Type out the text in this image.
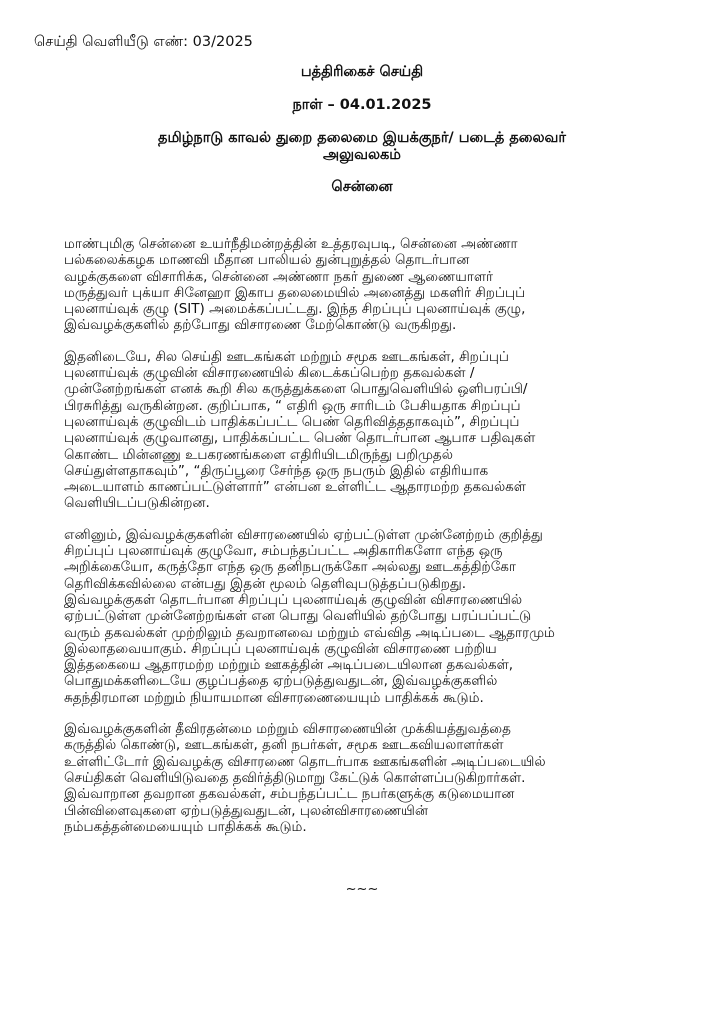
செய்தி வெளியீடு எண்: 03/2025
பத்திரிகைச் செய்தி
நாள் – 04.01.2025
தமிழ்நாடு காவல் துறை தலைமை இயக்குநர்/ படைத் தலைவர்
அலுவலகம்
சென்னை
மாண்புமிகு சென்னை உயர்நீதிமன்றத்தின் உத்தரவுபடி, சென்னை அண்ணா
பல்கலைக்கழக மாணவி மீதான பாலியல் துன்புறுத்தல் தொடர்பான
வழக்குகளை விசாரிக்க, சென்னை அண்ணா நகர் துணை ஆணையாளர்
மருத்துவர் புக்யா சினேஹா இகாப தலைமையில் அனைத்து மகளிர் சிறப்புப்
புலனாய்வுக் குழு (SIT) அமைக்கப்பட்டது. இந்த சிறப்புப் புலனாய்வுக் குழு,
இவ்வழக்குகளில் தற்போது விசாரணை மேற்கொண்டு வருகிறது.
இதனிடையே, சில செய்தி ஊடகங்கள் மற்றும் சமூக ஊடகங்கள், சிறப்புப்
புலனாய்வுக் குழுவின் விசாரணையில் கிடைக்கப்பெற்ற தகவல்கள் /
முன்னேற்றங்கள் எனக் கூறி சில கருத்துக்களை பொதுவெளியில் ஒளிபரப்பி/
பிரசுரித்து வருகின்றன. குறிப்பாக, “ எதிரி ஒரு சாரிடம் பேசியதாக சிறப்புப்
புலனாய்வுக் குழுவிடம் பாதிக்கப்பட்ட பெண் தெரிவித்ததாகவும்”, சிறப்புப்
புலனாய்வுக் குழுவானது, பாதிக்கப்பட்ட பெண் தொடர்பான ஆபாச பதிவுகள்
கொண்ட மின்னணு உபகரணங்களை எதிரியிடமிருந்து பறிமுதல்
செய்துள்ளதாகவும்”, “திருப்பூரை சேர்ந்த ஒரு நபரும் இதில் எதிரியாக
அடையாளம் காணப்பட்டுள்ளார்” என்பன உள்ளிட்ட ஆதாரமற்ற தகவல்கள்
வெளியிடப்படுகின்றன.
எனினும், இவ்வழக்குகளின் விசாரணையில் ஏற்பட்டுள்ள முன்னேற்றம் குறித்து
சிறப்புப் புலனாய்வுக் குழுவோ, சம்பந்தப்பட்ட அதிகாரிகளோ எந்த ஒரு
அறிக்கையோ, கருத்தோ எந்த ஒரு தனிநபருக்கோ அல்லது ஊடகத்திற்கோ
தெரிவிக்கவில்லை என்பது இதன் மூலம் தெளிவுபடுத்தப்படுகிறது.
இவ்வழக்குகள் தொடர்பான சிறப்புப் புலனாய்வுக் குழுவின் விசாரணையில்
ஏற்பட்டுள்ள முன்னேற்றங்கள் என பொது வெளியில் தற்போது பரப்பப்பட்டு
வரும் தகவல்கள் முற்றிலும் தவறானவை மற்றும் எவ்வித அடிப்படை ஆதாரமும்
இல்லாதவையாகும். சிறப்புப் புலனாய்வுக் குழுவின் விசாரணை பற்றிய
இத்தகையை ஆதாரமற்ற மற்றும் ஊகத்தின் அடிப்படையிலான தகவல்கள்,
பொதுமக்களிடையே குழப்பத்தை ஏற்படுத்துவதுடன், இவ்வழக்குகளில்
சுதந்திரமான மற்றும் நியாயமான விசாரணையையும் பாதிக்கக் கூடும்.
இவ்வழக்குகளின் தீவிரதன்மை மற்றும் விசாரணையின் முக்கியத்துவத்தை
கருத்தில் கொண்டு, ஊடகங்கள், தனி நபர்கள், சமூக ஊடகவியலாளர்கள்
உள்ளிட்டோர் இவ்வழக்கு விசாரணை தொடர்பாக ஊகங்களின் அடிப்படையில்
செய்திகள் வெளியிடுவதை தவிர்த்திடுமாறு கேட்டுக் கொள்ளப்படுகிறார்கள்.
இவ்வாறான தவறான தகவல்கள், சம்பந்தப்பட்ட நபர்களுக்கு கடுமையான
பின்விளைவுகளை ஏற்படுத்துவதுடன், புலன்விசாரணையின்
நம்பகத்தன்மையையும் பாதிக்கக் கூடும்.
~~~
